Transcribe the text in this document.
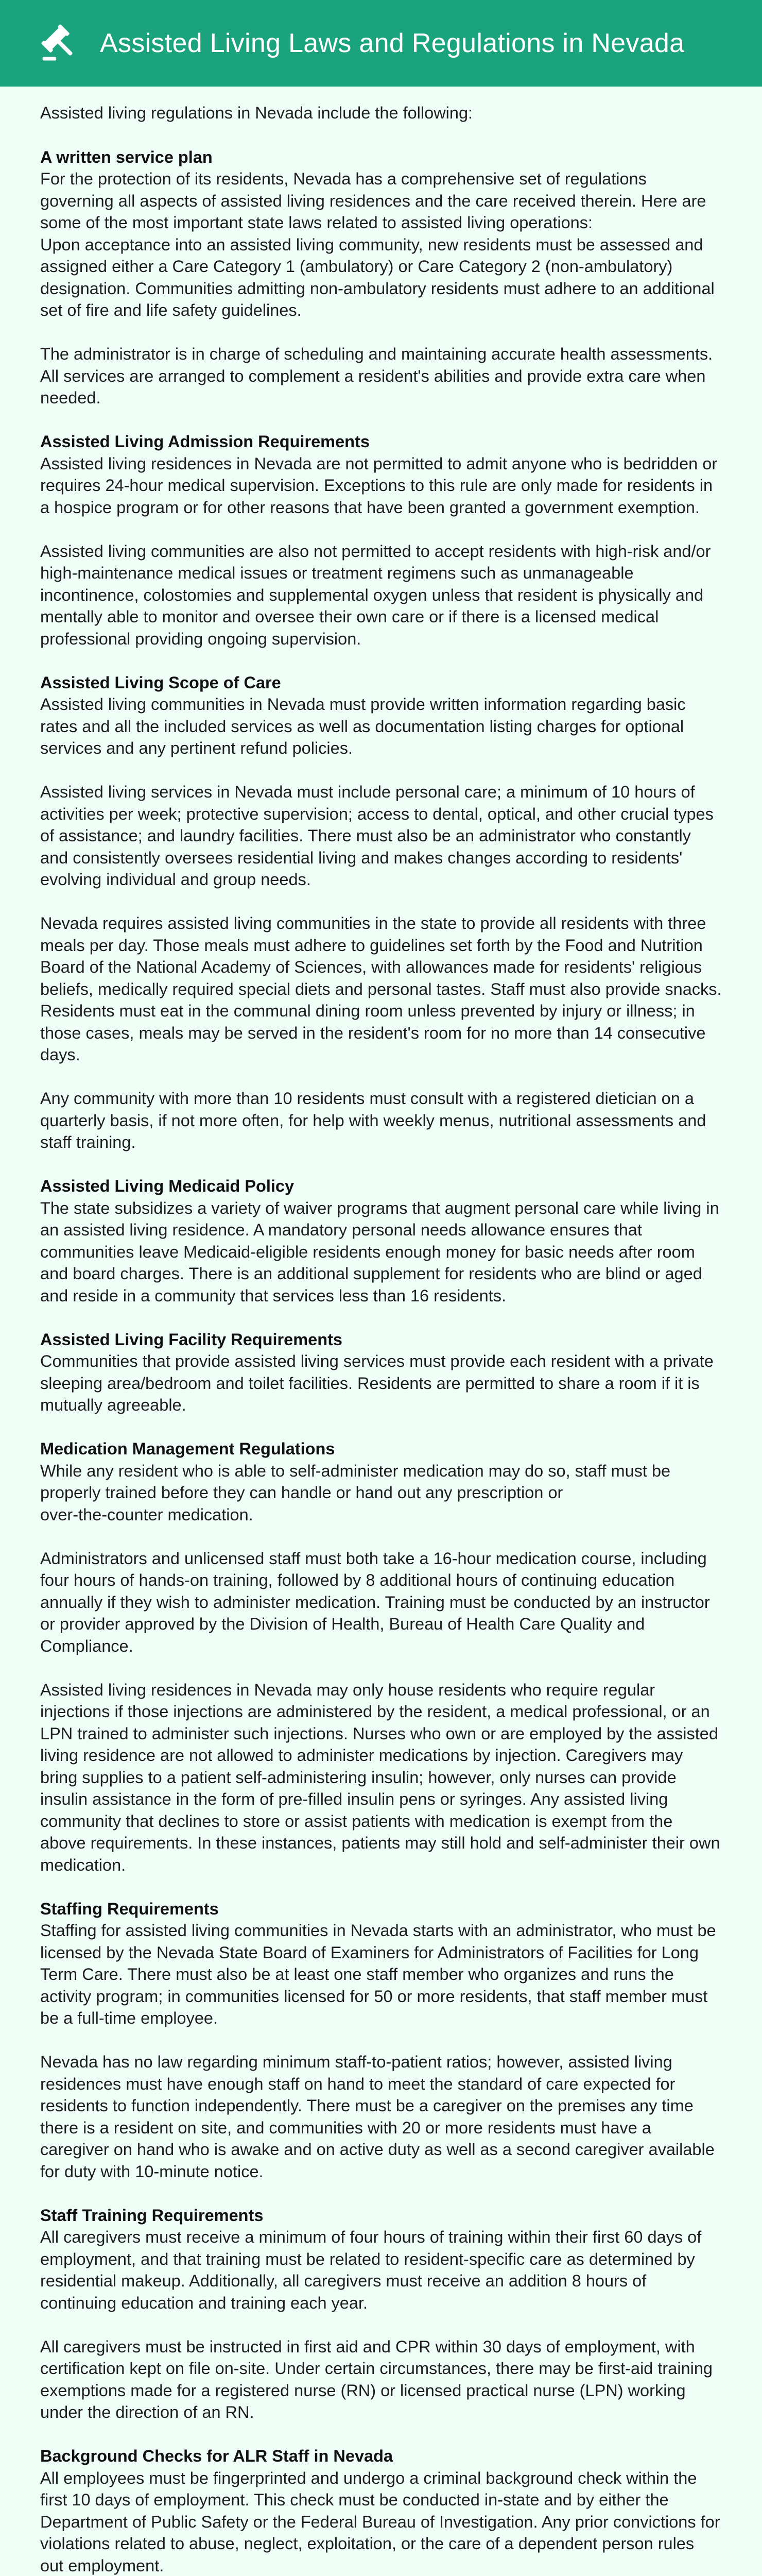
Assisted Living Laws and Regulations in Nevada

Assisted living regulations in Nevada include the following:

A written service plan

For the protection of its residents, Nevada has a comprehensive set of regulations governing all aspects of assisted living residences and the care received therein. Here are some of the most important state laws related to assisted living operations:
Upon acceptance into an assisted living community, new residents must be assessed and assigned either a Care Category 1 (ambulatory) or Care Category 2 (non-ambulatory) designation. Communities admitting non-ambulatory residents must adhere to an additional set of fire and life safety guidelines.

The administrator is in charge of scheduling and maintaining accurate health assessments. All services are arranged to complement a resident's abilities and provide extra care when needed.

Assisted Living Admission Requirements

Assisted living residences in Nevada are not permitted to admit anyone who is bedridden or requires 24-hour medical supervision. Exceptions to this rule are only made for residents in a hospice program or for other reasons that have been granted a government exemption.

Assisted living communities are also not permitted to accept residents with high-risk and/or high-maintenance medical issues or treatment regimens such as unmanageable incontinence, colostomies and supplemental oxygen unless that resident is physically and mentally able to monitor and oversee their own care or if there is a licensed medical professional providing ongoing supervision.

Assisted Living Scope of Care

Assisted living communities in Nevada must provide written information regarding basic rates and all the included services as well as documentation listing charges for optional services and any pertinent refund policies.

Assisted living services in Nevada must include personal care; a minimum of 10 hours of activities per week; protective supervision; access to dental, optical, and other crucial types of assistance; and laundry facilities. There must also be an administrator who constantly and consistently oversees residential living and makes changes according to residents' evolving individual and group needs.

Nevada requires assisted living communities in the state to provide all residents with three meals per day. Those meals must adhere to guidelines set forth by the Food and Nutrition Board of the National Academy of Sciences, with allowances made for residents' religious beliefs, medically required special diets and personal tastes. Staff must also provide snacks. Residents must eat in the communal dining room unless prevented by injury or illness; in those cases, meals may be served in the resident's room for no more than 14 consecutive days.

Any community with more than 10 residents must consult with a registered dietician on a quarterly basis, if not more often, for help with weekly menus, nutritional assessments and staff training.

Assisted Living Medicaid Policy

The state subsidizes a variety of waiver programs that augment personal care while living in an assisted living residence. A mandatory personal needs allowance ensures that communities leave Medicaid-eligible residents enough money for basic needs after room and board charges. There is an additional supplement for residents who are blind or aged and reside in a community that services less than 16 residents.

Assisted Living Facility Requirements

Communities that provide assisted living services must provide each resident with a private sleeping area/bedroom and toilet facilities. Residents are permitted to share a room if it is mutually agreeable.

Medication Management Regulations

While any resident who is able to self-administer medication may do so, staff must be properly trained before they can handle or hand out any prescription or
over-the-counter medication.

Administrators and unlicensed staff must both take a 16-hour medication course, including four hours of hands-on training, followed by 8 additional hours of continuing education annually if they wish to administer medication. Training must be conducted by an instructor or provider approved by the Division of Health, Bureau of Health Care Quality and Compliance.

Assisted living residences in Nevada may only house residents who require regular injections if those injections are administered by the resident, a medical professional, or an LPN trained to administer such injections. Nurses who own or are employed by the assisted living residence are not allowed to administer medications by injection. Caregivers may bring supplies to a patient self-administering insulin; however, only nurses can provide insulin assistance in the form of pre-filled insulin pens or syringes. Any assisted living community that declines to store or assist patients with medication is exempt from the above requirements. In these instances, patients may still hold and self-administer their own medication.

Staffing Requirements

Staffing for assisted living communities in Nevada starts with an administrator, who must be licensed by the Nevada State Board of Examiners for Administrators of Facilities for Long Term Care. There must also be at least one staff member who organizes and runs the activity program; in communities licensed for 50 or more residents, that staff member must be a full-time employee.

Nevada has no law regarding minimum staff-to-patient ratios; however, assisted living residences must have enough staff on hand to meet the standard of care expected for residents to function independently. There must be a caregiver on the premises any time there is a resident on site, and communities with 20 or more residents must have a caregiver on hand who is awake and on active duty as well as a second caregiver available for duty with 10-minute notice.

Staff Training Requirements

All caregivers must receive a minimum of four hours of training within their first 60 days of employment, and that training must be related to resident-specific care as determined by residential makeup. Additionally, all caregivers must receive an addition 8 hours of continuing education and training each year.

All caregivers must be instructed in first aid and CPR within 30 days of employment, with certification kept on file on-site. Under certain circumstances, there may be first-aid training exemptions made for a registered nurse (RN) or licensed practical nurse (LPN) working under the direction of an RN.

Background Checks for ALR Staff in Nevada

All employees must be fingerprinted and undergo a criminal background check within the first 10 days of employment. This check must be conducted in-state and by either the Department of Public Safety or the Federal Bureau of Investigation. Any prior convictions for violations related to abuse, neglect, exploitation, or the care of a dependent person rules out employment.
